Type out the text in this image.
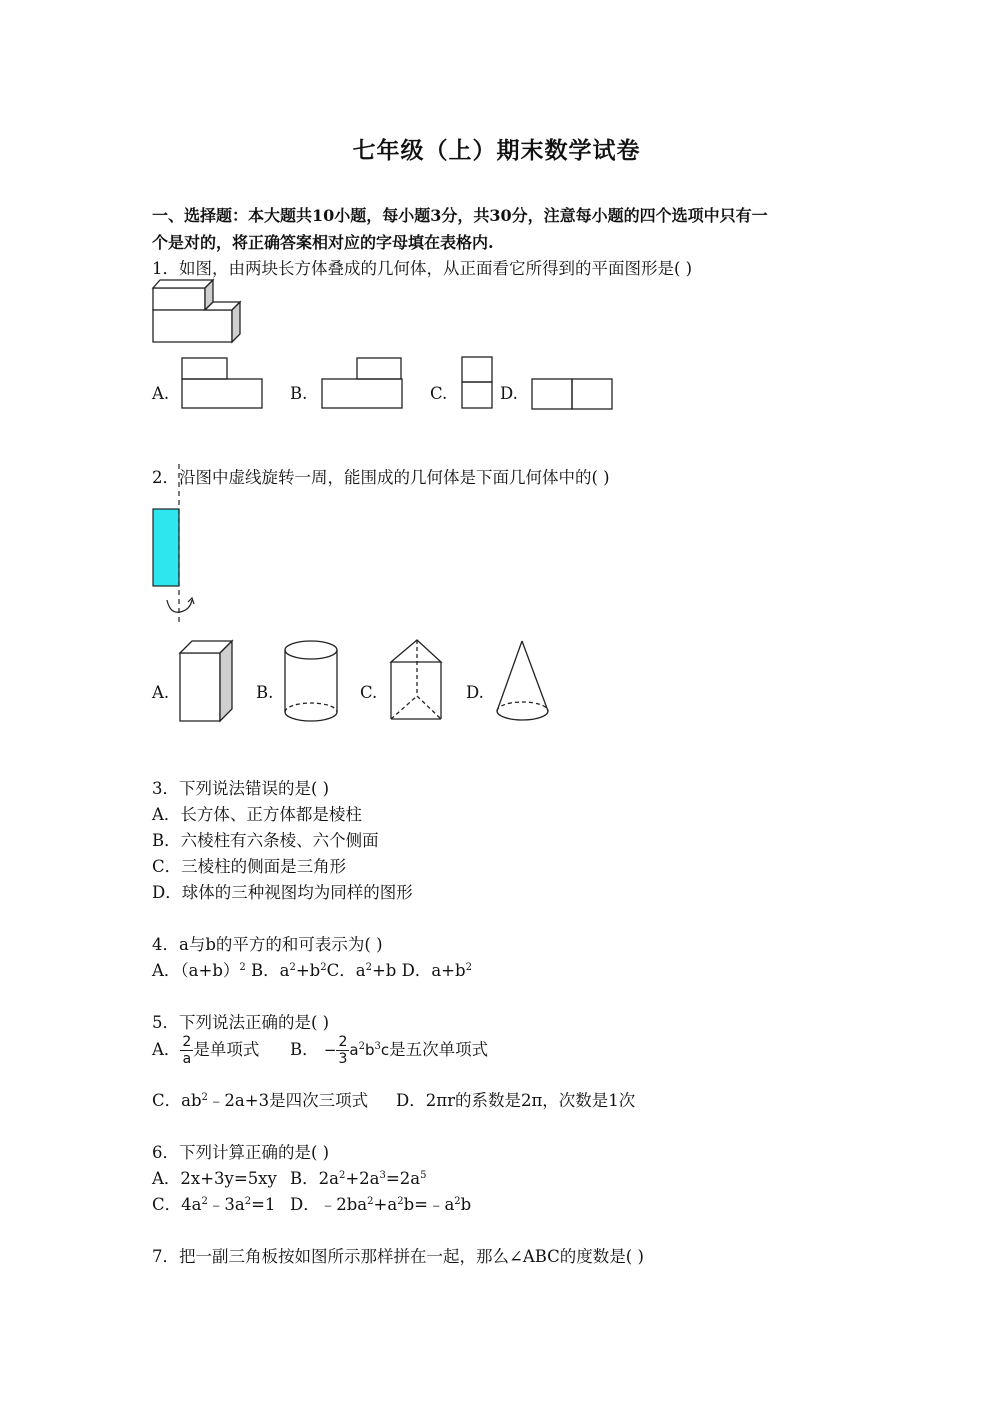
七年级（上）期末数学试卷
一、选择题：本大题共10小题，每小题3分，共30分，注意每小题的四个选项中只有一
个是对的，将正确答案相对应的字母填在表格内.
1．如图，由两块长方体叠成的几何体，从正面看它所得到的平面图形是( )
A.	B.	C.	D.
2．沿图中虚线旋转一周，能围成的几何体是下面几何体中的( )
A.	B.	C.	D.
3．下列说法错误的是( )
A．长方体、正方体都是棱柱
B．六棱柱有六条棱、六个侧面
C．三棱柱的侧面是三角形
D．球体的三种视图均为同样的图形
4．a与b的平方的和可表示为( )
A．$(a+b)^2$ B．$a^2+b^2C$．$a^2+b$ D．$a+b^2$
5．下列说法正确的是( )
A． $\frac{2}{a}$ 是单项式 B． − $\frac{2}{3} a^2b^3c$是五次单项式
C．$ab^2﹣2a+3$是四次三项式 D．2πr的系数是2π，次数是1次
6．下列计算正确的是( )
A．2x+3y=5xy B．$2a^2+2a^3=2a^5$
C．$4a^2﹣3a^2=1$ D．$﹣2ba^2+a^2b=﹣a^2b$
7．把一副三角板按如图所示那样拼在一起，那么∠ABC的度数是( )
